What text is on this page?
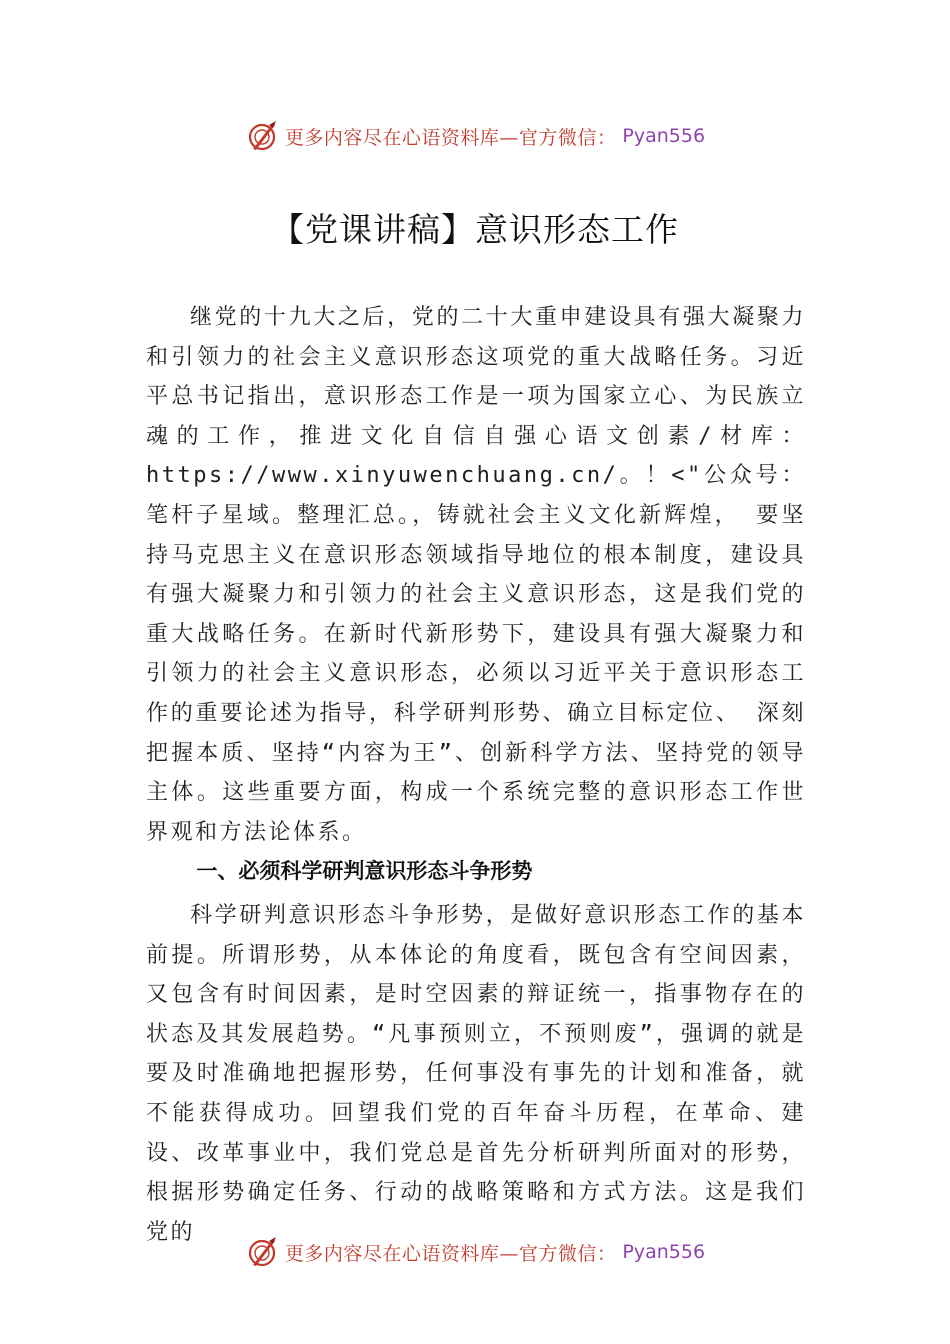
更多内容尽在心语资料库—官方微信： Pyan556
【党课讲稿】意识形态工作

继党的十九大之后，党的二十大重申建设具有强大凝聚力和引领力的社会主义意识形态这项党的重大战略任务。习近平总书记指出，意识形态工作是一项为国家立心、为民族立魂的工作，推进文化自信自强心语文创素/材库：https://www.xinyuwenchuang.cn/。！<"公众号：笔杆子星域。整理汇总。，铸就社会主义文化新辉煌， 要坚持马克思主义在意识形态领域指导地位的根本制度，建设具有强大凝聚力和引领力的社会主义意识形态，这是我们党的重大战略任务。在新时代新形势下，建设具有强大凝聚力和引领力的社会主义意识形态，必须以习近平关于意识形态工作的重要论述为指导，科学研判形势、确立目标定位、 深刻把握本质、坚持“内容为王”、创新科学方法、坚持党的领导主体。这些重要方面，构成一个系统完整的意识形态工作世界观和方法论体系。

一、必须科学研判意识形态斗争形势

科学研判意识形态斗争形势，是做好意识形态工作的基本前提。所谓形势，从本体论的角度看，既包含有空间因素，又包含有时间因素，是时空因素的辩证统一，指事物存在的状态及其发展趋势。“凡事预则立，不预则废”，强调的就是要及时准确地把握形势，任何事没有事先的计划和准备，就不能获得成功。回望我们党的百年奋斗历程，在革命、建设、改革事业中，我们党总是首先分析研判所面对的形势，根据形势确定任务、行动的战略策略和方式方法。这是我们党的

更多内容尽在心语资料库—官方微信： Pyan556
